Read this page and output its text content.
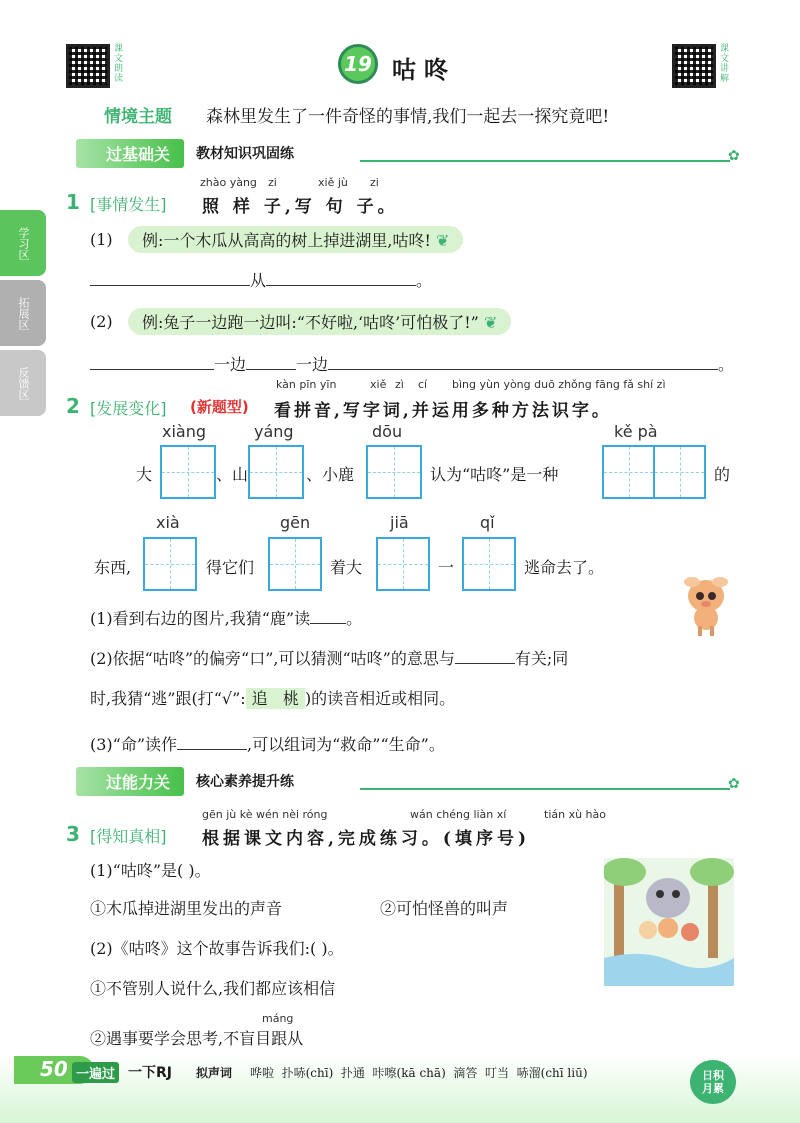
课文朗读
19 咕咚
课文讲解
情境主题 森林里发生了一件奇怪的事情,我们一起去一探究竟吧!
学习区
拓展区
反馈区
过基础关	教材知识巩固练	✿
1 [事情发生]
zhào yàng zi	xiě jù zi
照 样 子,写 句 子。
(1)	例:一个木瓜从高高的树上掉进湖里,咕咚! ❦
从	。
(2)	例:兔子一边跑一边叫:“不好啦,‘咕咚’可怕极了!” ❦
一边	一边	。
2 [发展变化] (新题型)
kàn pīn yīn	xiě zì cí bìng yùn yòng duō zhǒng fāng fǎ shí zì
看拼音,写字词,并运用多种方法识字。
xiàng	yáng	dōu	kě pà
大	、山	、小鹿	认为“咕咚”是一种	的
xià	gēn	jiā	qǐ
东西,	得它们	着大	一	逃命去了。
(1)看到右边的图片,我猜“鹿”读 。
(2)依据“咕咚”的偏旁“口”,可以猜测“咕咚”的意思与	有关;同
时,我猜“逃”跟(打“√”: 追 桃 )的读音相近或相同。
(3)“命”读作	,可以组词为“救命”“生命”。
过能力关	核心素养提升练	✿
3 [得知真相]
gēn jù kè wén nèi róng	wán chéng liàn xí	tián xù hào
根据课文内容,完成练习。(填序号)
(1)“咕咚”是( )。
①木瓜掉进湖里发出的声音	②可怕怪兽的叫声
(2)《咕咚》这个故事告诉我们:( )。
①不管别人说什么,我们都应该相信
máng
②遇事要学会思考,不盲目跟从
50 一遍过 一下RJ 拟声词 哗啦  扑哧(chī)  扑通  咔嚓(kā chā)  滴答  叮当  哧溜(chī liū)	日积
月累
